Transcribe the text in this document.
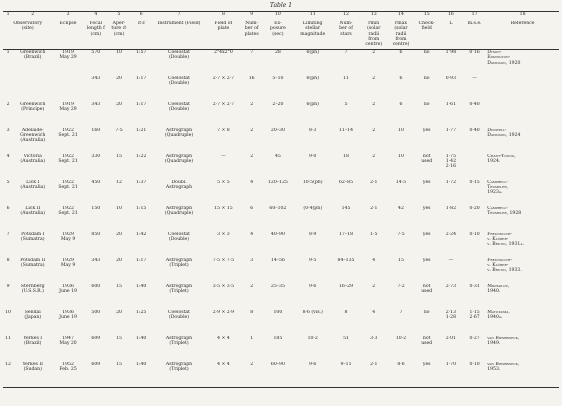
Table 1
1	2	3	4	5	6	7	8	9	10	11	12	13	14	15	16	17	18
Observatory
(site)		Eclipse	Focal
length f
(cm)	Aper-
ture ∅
(cm)	∅:f	Instrument (Field)	Field of
plate	Num-
ber of
plates	Ex-
posure
(sec)	Limiting
stellar
magnitude	Num-
ber of
stars	rmin
(solar
radii
from
centre)	rmax
(solar
radii
from
centre)	Check-
field	L	m.s.e.	Reference
1	Greenwich
(Brazil)	1919
May 29	570	10	1:57	Coelostat
(Double)	2°4x2°0	7	28	6(ph)	7	2	6	no	1″98	0″16	Dyson-
Eddington-
Davidson, 1920
			343	20	1:17	Coelostat
(Double)	2·7 × 2·7	16	5–10	6(ph)	11	2	6	no	0·93	—	
2	Greenwich
(Principe)	1919
May 29	343	20	1:17	Coelostat
(Double)	2·7 × 2·7	2	2–20	6(ph)	5	2	6	no	1·61	0·40	
3	Adelaide-
Greenwich
(Australia)	1922
Sept. 21	160	7·5	1:21	Astrograph
(Quadruple)	7 × 8	2	20–30	8·3	11–14	2	10	yes	1·77	0·40	Dodwell-
Davidson, 1924
4	Victoria
(Australia)	1922
Sept. 21	330	15	1:22	Astrograph
(Quadruple)	—	2	45	9·0	18	2	10	not
used	1·75
1·42
2·16		Chant-Young,
1924.
5	Lick I
(Australia)	1922
Sept. 21	450	12	1:37	Doubl.
Astrograph	5 × 5	4	120–125	10·5(ph)	62–85	2·1	14·5	yes	1·72	0·15	Campbell-
Trumpler,
1923a.
6	Lick II
(Australia)	1922
Sept. 21	150	10	1:15	Astrograph
(Quadruple)	15 × 15	6	60–102	(0·4(ph)	145	2·1	42	yes	1·82	0·20	Campbell-
Trumpler, 1928
7	Potsdam I
(Sumatra)	1929
May 9	850	20	1:42	Coelostat
(Double)	3 × 3	4	40–90	8·9	17–18	1·5	7·5	yes	2·24	0·10	Freundlich-
v. Klüber-
v. Brunn, 1931a.
8	Potsdam II
(Sumatra)	1929
May 9	343	20	1:17	Astrograph
(Triplet)	7·5 × 7·5	3	14–56	9·5	84–135	4	15	yes	—		Freundlich-
v. Klüber-
v. Brunn, 1933.
9	Sternberg
(U.S.S.R.)	1936
June 19	600	15	1:40	Astrograph
(Triplet)	3·5 × 3·5	2	25–35	9·6	16–29	2	7·2	not
used	2·73	0·31	Mikhailov,
1940.
10	Sendai
(Japan)	1936
June 19	500	20	1:25	Coelostat
(Double)	2·9 × 2·9	8	100	8·6 (vis.)	8	4	7	no	2·13
1·28	1·15
2·67	Matukuma,
1940a.
11	Yerkes I
(Brazil)	1947
May 20	609	15	1:40	Astrograph
(Triplet)	4 × 4	1	185	10·2	51	3·3	10·2	not
used	2·01	0·27	van Biesbroeck,
1949.
12	Yerkes II
(Sudan)	1952
Feb. 25	609	15	1:40	Astrograph
(Triplet)	4 × 4	2	60–90	9·6	9–11	2·1	8·6	yes	1·70	0·10	van Biesbroeck,
1953.
